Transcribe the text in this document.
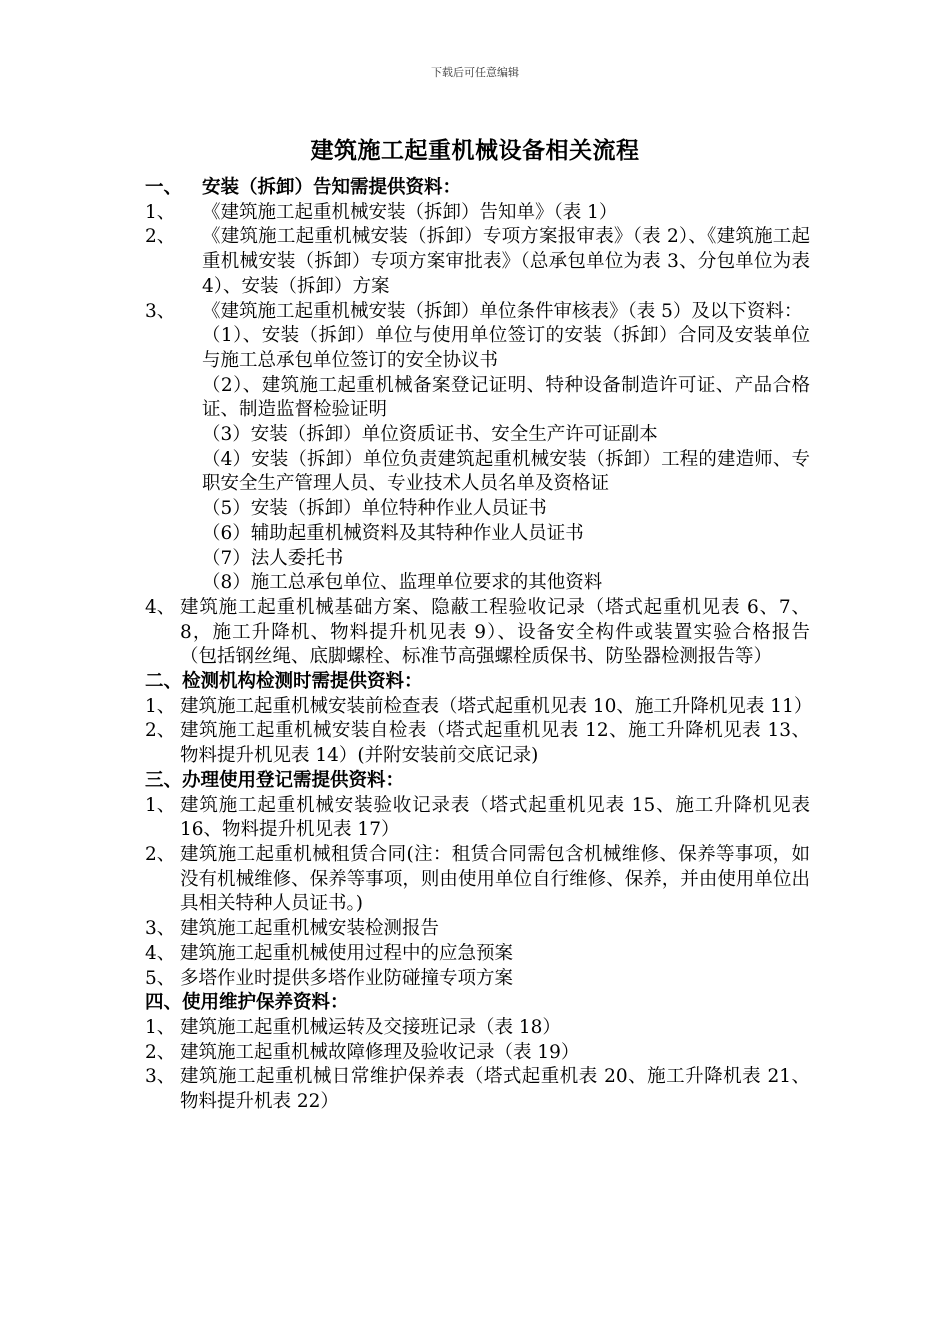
下载后可任意编辑
建筑施工起重机械设备相关流程
一、	安装（拆卸）告知需提供资料：
1、	《建筑施工起重机械安装（拆卸）告知单》（表 1）
2、	《建筑施工起重机械安装（拆卸）专项方案报审表》（表 2）、《建筑施工起重机械安装（拆卸）专项方案审批表》（总承包单位为表 3、分包单位为表 4）、安装（拆卸）方案
3、	《建筑施工起重机械安装（拆卸）单位条件审核表》（表 5）及以下资料：
（1）、安装（拆卸）单位与使用单位签订的安装（拆卸）合同及安装单位与施工总承包单位签订的安全协议书
（2）、建筑施工起重机械备案登记证明、特种设备制造许可证、产品合格证、制造监督检验证明
（3）安装（拆卸）单位资质证书、安全生产许可证副本
（4）安装（拆卸）单位负责建筑起重机械安装（拆卸）工程的建造师、专职安全生产管理人员、专业技术人员名单及资格证
（5）安装（拆卸）单位特种作业人员证书
（6）辅助起重机械资料及其特种作业人员证书
（7）法人委托书
（8）施工总承包单位、监理单位要求的其他资料
4、 建筑施工起重机械基础方案、隐蔽工程验收记录（塔式起重机见表 6、7、8，施工升降机、物料提升机见表 9）、设备安全构件或装置实验合格报告（包括钢丝绳、底脚螺栓、标准节高强螺栓质保书、防坠器检测报告等）
二、检测机构检测时需提供资料：
1、 建筑施工起重机械安装前检查表（塔式起重机见表 10、施工升降机见表 11）
2、 建筑施工起重机械安装自检表（塔式起重机见表 12、施工升降机见表 13、物料提升机见表 14）(并附安装前交底记录)
三、办理使用登记需提供资料：
1、 建筑施工起重机械安装验收记录表（塔式起重机见表 15、施工升降机见表 16、物料提升机见表 17）
2、 建筑施工起重机械租赁合同(注：租赁合同需包含机械维修、保养等事项，如没有机械维修、保养等事项，则由使用单位自行维修、保养，并由使用单位出具相关特种人员证书。)
3、 建筑施工起重机械安装检测报告
4、 建筑施工起重机械使用过程中的应急预案
5、 多塔作业时提供多塔作业防碰撞专项方案
四、使用维护保养资料：
1、 建筑施工起重机械运转及交接班记录（表 18）
2、 建筑施工起重机械故障修理及验收记录（表 19）
3、 建筑施工起重机械日常维护保养表（塔式起重机表 20、施工升降机表 21、物料提升机表 22）
